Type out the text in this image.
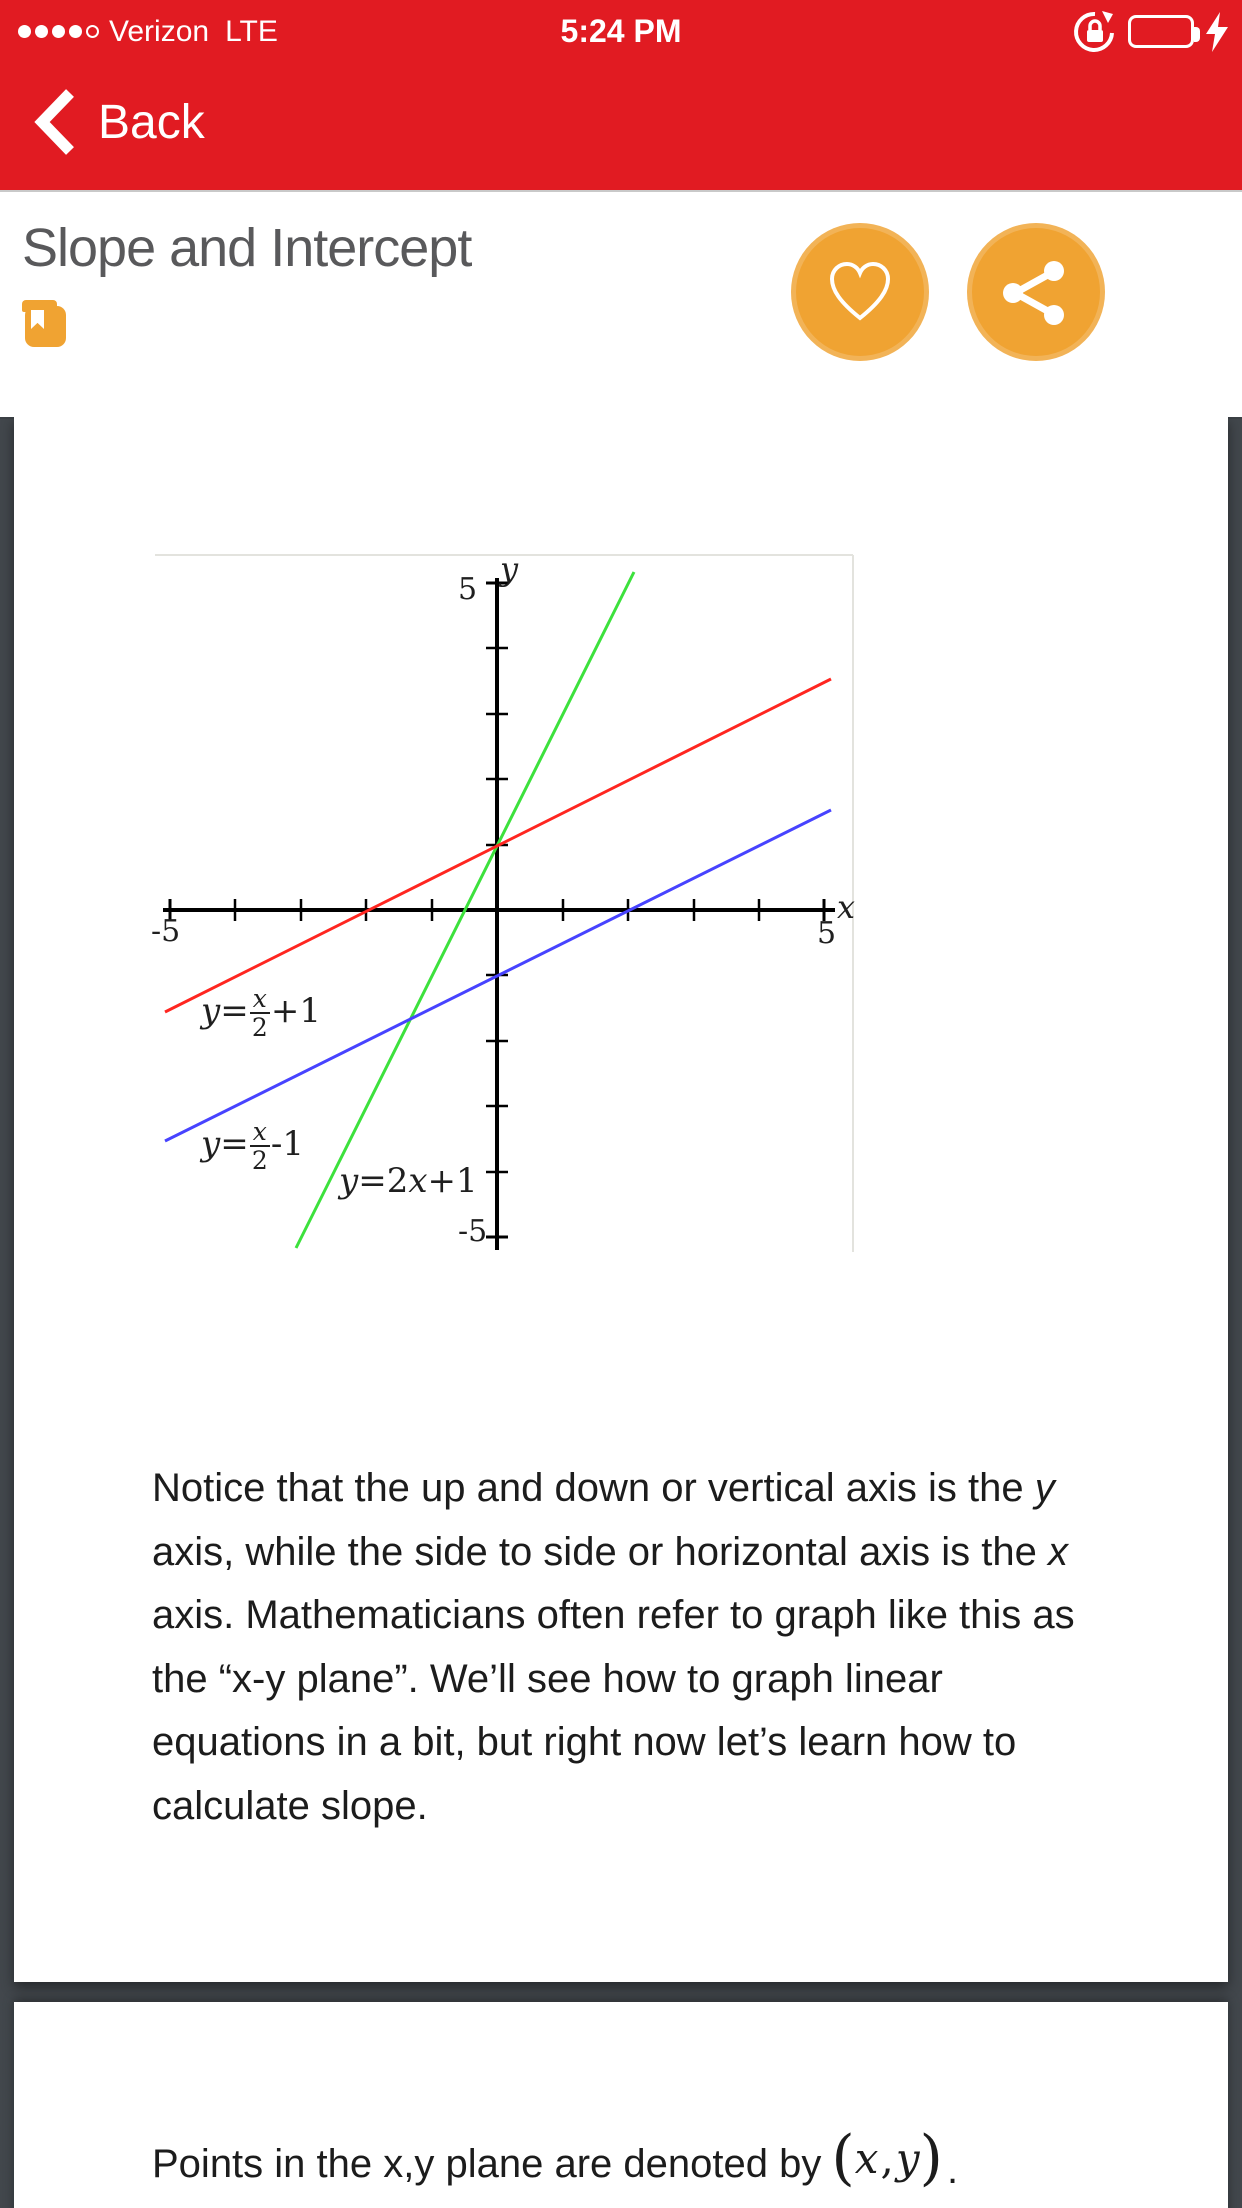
Verizon LTE	5:24 PM
Back
Slope and Intercept
y
5
-5
x
-5	5
$y = \frac{x}{2} +1$
$y = \frac{x}{2} -1$
y =2 x +1
Notice that the up and down or vertical axis is the y
axis, while the side to side or horizontal axis is the x
axis. Mathematicians often refer to graph like this as
the “x-y plane”. We’ll see how to graph linear
equations in a bit, but right now let’s learn how to
calculate slope.
Points in the x,y plane are denoted by ( x , y ) .
